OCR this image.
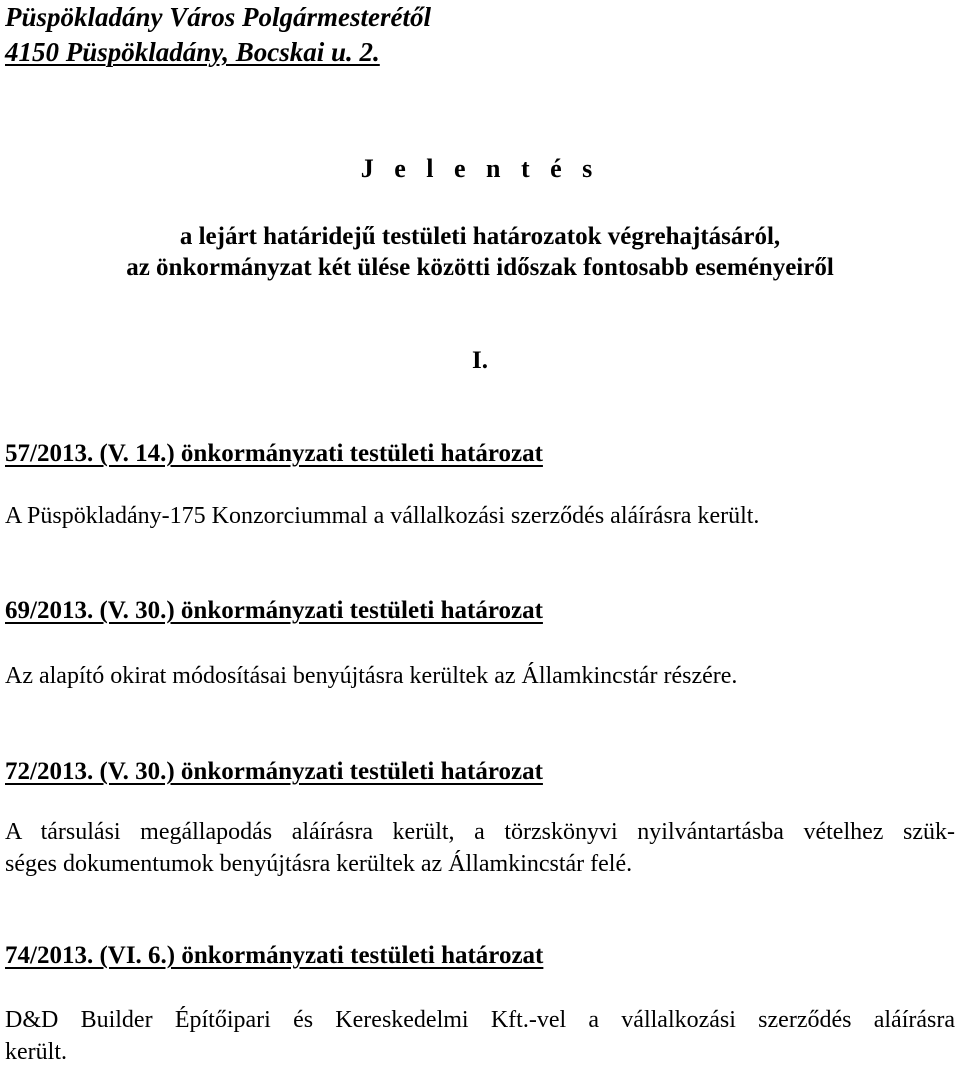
Püspökladány Város Polgármesterétől
4150 Püspökladány, Bocskai u. 2.
J e l e n t é s
a lejárt határidejű testületi határozatok végrehajtásáról,
az önkormányzat két ülése közötti időszak fontosabb eseményeiről
I.
57/2013. (V. 14.) önkormányzati testületi határozat
A Püspökladány-175 Konzorciummal a vállalkozási szerződés aláírásra került.
69/2013. (V. 30.) önkormányzati testületi határozat
Az alapító okirat módosításai benyújtásra kerültek az Államkincstár részére.
72/2013. (V. 30.) önkormányzati testületi határozat
A társulási megállapodás aláírásra került, a törzskönyvi nyilvántartásba vételhez szük-
séges dokumentumok benyújtásra kerültek az Államkincstár felé.
74/2013. (VI. 6.) önkormányzati testületi határozat
D&D Builder Építőipari és Kereskedelmi Kft.-vel a vállalkozási szerződés aláírásra
került.
